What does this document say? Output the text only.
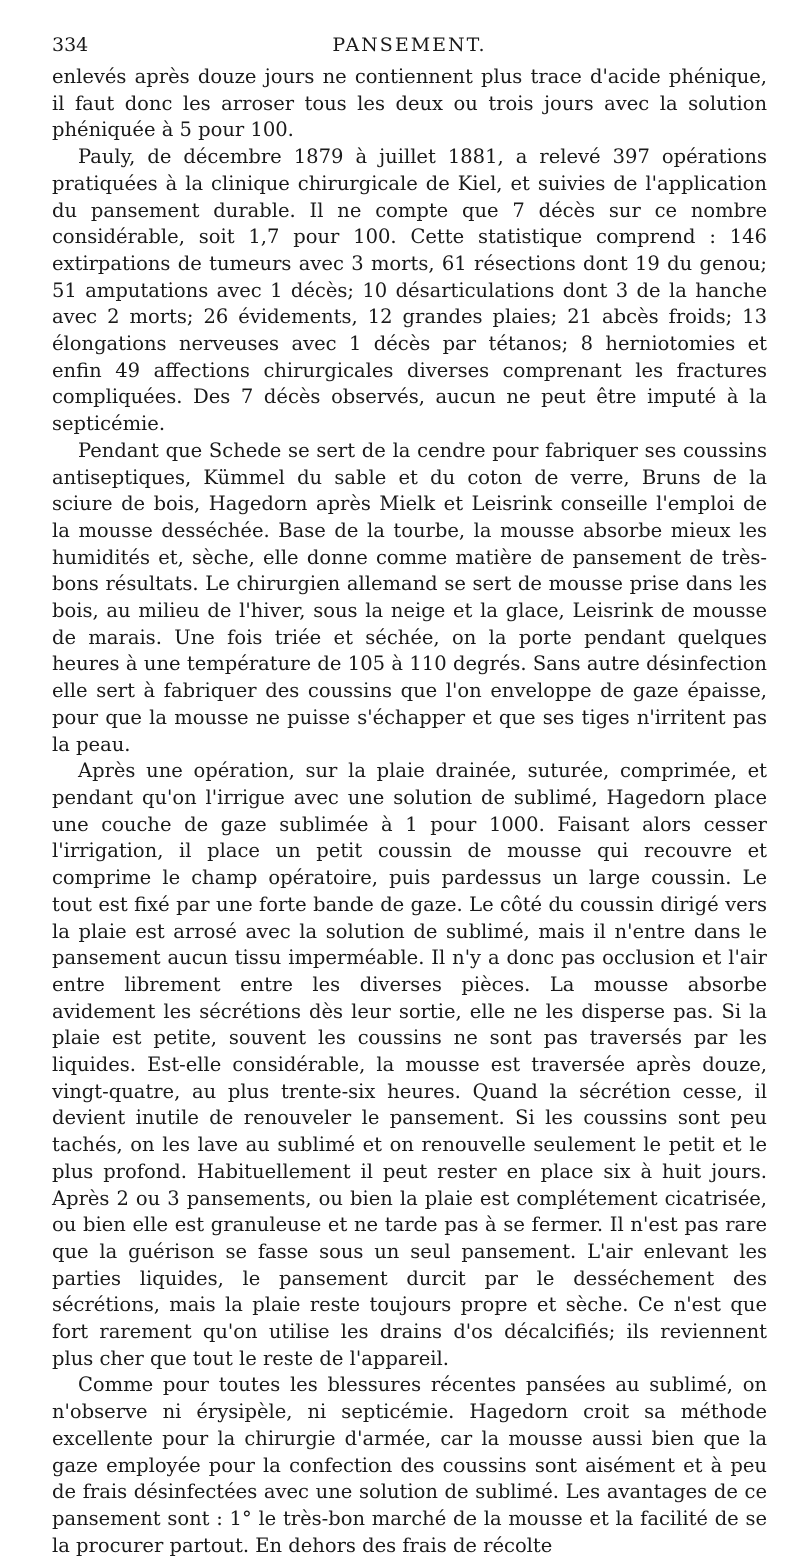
334	PANSEMENT.

enlevés après douze jours ne contiennent plus trace d'acide phénique, il faut donc les arroser tous les deux ou trois jours avec la solution phéniquée à 5 pour 100.

Pauly, de décembre 1879 à juillet 1881, a relevé 397 opérations pratiquées à la clinique chirurgicale de Kiel, et suivies de l'application du pansement durable. Il ne compte que 7 décès sur ce nombre considérable, soit 1,7 pour 100. Cette statistique comprend : 146 extirpations de tumeurs avec 3 morts, 61 résections dont 19 du genou; 51 amputations avec 1 décès; 10 désarticulations dont 3 de la hanche avec 2 morts; 26 évidements, 12 grandes plaies; 21 abcès froids; 13 élongations nerveuses avec 1 décès par tétanos; 8 herniotomies et enfin 49 affections chirurgicales diverses comprenant les fractures compliquées. Des 7 décès observés, aucun ne peut être imputé à la septicémie.

Pendant que Schede se sert de la cendre pour fabriquer ses coussins antiseptiques, Kümmel du sable et du coton de verre, Bruns de la sciure de bois, Hagedorn après Mielk et Leisrink conseille l'emploi de la mousse desséchée. Base de la tourbe, la mousse absorbe mieux les humidités et, sèche, elle donne comme matière de pansement de très-bons résultats. Le chirurgien allemand se sert de mousse prise dans les bois, au milieu de l'hiver, sous la neige et la glace, Leisrink de mousse de marais. Une fois triée et séchée, on la porte pendant quelques heures à une température de 105 à 110 degrés. Sans autre désinfection elle sert à fabriquer des coussins que l'on enveloppe de gaze épaisse, pour que la mousse ne puisse s'échapper et que ses tiges n'irritent pas la peau.

Après une opération, sur la plaie drainée, suturée, comprimée, et pendant qu'on l'irrigue avec une solution de sublimé, Hagedorn place une couche de gaze sublimée à 1 pour 1000. Faisant alors cesser l'irrigation, il place un petit coussin de mousse qui recouvre et comprime le champ opératoire, puis pardessus un large coussin. Le tout est fixé par une forte bande de gaze. Le côté du coussin dirigé vers la plaie est arrosé avec la solution de sublimé, mais il n'entre dans le pansement aucun tissu imperméable. Il n'y a donc pas occlusion et l'air entre librement entre les diverses pièces. La mousse absorbe avidement les sécrétions dès leur sortie, elle ne les disperse pas. Si la plaie est petite, souvent les coussins ne sont pas traversés par les liquides. Est-elle considérable, la mousse est traversée après douze, vingt-quatre, au plus trente-six heures. Quand la sécrétion cesse, il devient inutile de renouveler le pansement. Si les coussins sont peu tachés, on les lave au sublimé et on renouvelle seulement le petit et le plus profond. Habituellement il peut rester en place six à huit jours. Après 2 ou 3 pansements, ou bien la plaie est complétement cicatrisée, ou bien elle est granuleuse et ne tarde pas à se fermer. Il n'est pas rare que la guérison se fasse sous un seul pansement. L'air enlevant les parties liquides, le pansement durcit par le desséchement des sécrétions, mais la plaie reste toujours propre et sèche. Ce n'est que fort rarement qu'on utilise les drains d'os décalcifiés; ils reviennent plus cher que tout le reste de l'appareil.

Comme pour toutes les blessures récentes pansées au sublimé, on n'observe ni érysipèle, ni septicémie. Hagedorn croit sa méthode excellente pour la chirurgie d'armée, car la mousse aussi bien que la gaze employée pour la confection des coussins sont aisément et à peu de frais désinfectées avec une solution de sublimé. Les avantages de ce pansement sont : 1° le très-bon marché de la mousse et la facilité de se la procurer partout. En dehors des frais de récolte
